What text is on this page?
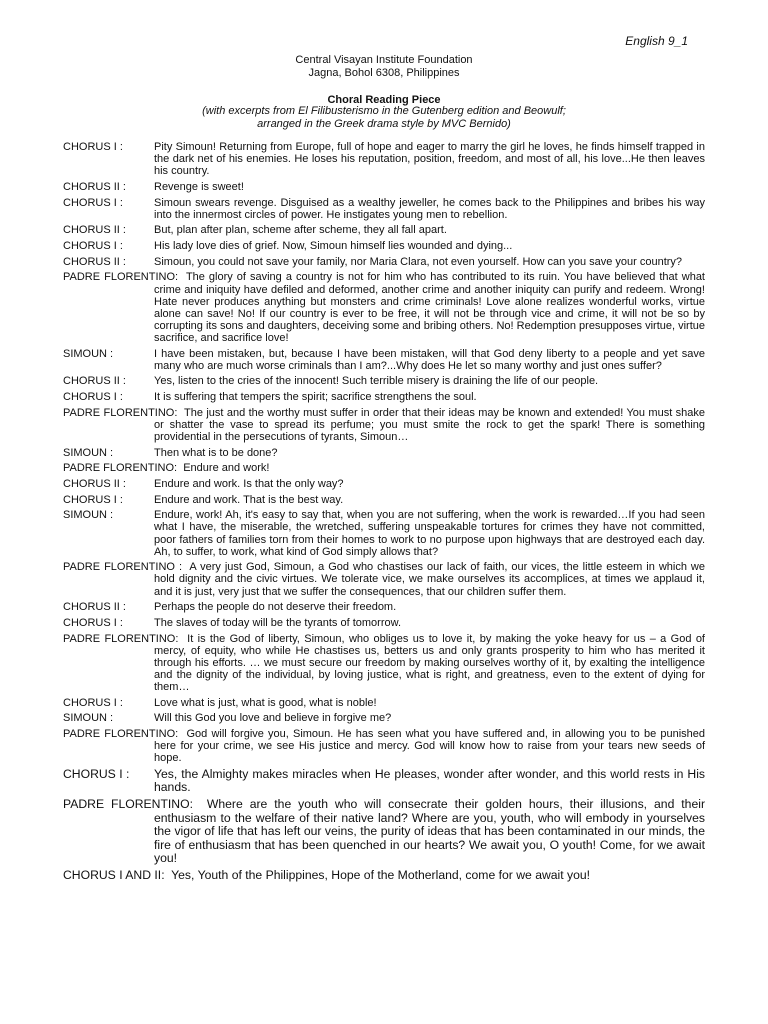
English 9_1
Central Visayan Institute Foundation
Jagna, Bohol 6308, Philippines
Choral Reading Piece
(with excerpts from El Filibusterismo in the Gutenberg edition and Beowulf;
arranged in the Greek drama style by MVC Bernido)
CHORUS I :	Pity Simoun! Returning from Europe, full of hope and eager to marry the girl he loves, he finds himself trapped in the dark net of his enemies. He loses his reputation, position, freedom, and most of all, his love...He then leaves his country.
CHORUS II :	Revenge is sweet!
CHORUS I :	Simoun swears revenge. Disguised as a wealthy jeweller, he comes back to the Philippines and bribes his way into the innermost circles of power. He instigates young men to rebellion.
CHORUS II :	But, plan after plan, scheme after scheme, they all fall apart.
CHORUS I :	His lady love dies of grief. Now, Simoun himself lies wounded and dying...
CHORUS II :	Simoun, you could not save your family, nor Maria Clara, not even yourself. How can you save your country?
PADRE FLORENTINO: The glory of saving a country is not for him who has contributed to its ruin. You have believed that what crime and iniquity have defiled and deformed, another crime and another iniquity can purify and redeem. Wrong! Hate never produces anything but monsters and crime criminals! Love alone realizes wonderful works, virtue alone can save! No! If our country is ever to be free, it will not be through vice and crime, it will not be so by corrupting its sons and daughters, deceiving some and bribing others. No! Redemption presupposes virtue, virtue sacrifice, and sacrifice love!
SIMOUN :	I have been mistaken, but, because I have been mistaken, will that God deny liberty to a people and yet save many who are much worse criminals than I am?...Why does He let so many worthy and just ones suffer?
CHORUS II :	Yes, listen to the cries of the innocent! Such terrible misery is draining the life of our people.
CHORUS I :	It is suffering that tempers the spirit; sacrifice strengthens the soul.
PADRE FLORENTINO: The just and the worthy must suffer in order that their ideas may be known and extended! You must shake or shatter the vase to spread its perfume; you must smite the rock to get the spark! There is something providential in the persecutions of tyrants, Simoun…
SIMOUN :	Then what is to be done?
PADRE FLORENTINO: Endure and work!
CHORUS II :	Endure and work. Is that the only way?
CHORUS I :	Endure and work. That is the best way.
SIMOUN :	Endure, work! Ah, it's easy to say that, when you are not suffering, when the work is rewarded…If you had seen what I have, the miserable, the wretched, suffering unspeakable tortures for crimes they have not committed, poor fathers of families torn from their homes to work to no purpose upon highways that are destroyed each day. Ah, to suffer, to work, what kind of God simply allows that?
PADRE FLORENTINO : A very just God, Simoun, a God who chastises our lack of faith, our vices, the little esteem in which we hold dignity and the civic virtues. We tolerate vice, we make ourselves its accomplices, at times we applaud it, and it is just, very just that we suffer the consequences, that our children suffer them.
CHORUS II :	Perhaps the people do not deserve their freedom.
CHORUS I :	The slaves of today will be the tyrants of tomorrow.
PADRE FLORENTINO: It is the God of liberty, Simoun, who obliges us to love it, by making the yoke heavy for us – a God of mercy, of equity, who while He chastises us, betters us and only grants prosperity to him who has merited it through his efforts. … we must secure our freedom by making ourselves worthy of it, by exalting the intelligence and the dignity of the individual, by loving justice, what is right, and greatness, even to the extent of dying for them…
CHORUS I :	Love what is just, what is good, what is noble!
SIMOUN :	Will this God you love and believe in forgive me?
PADRE FLORENTINO: God will forgive you, Simoun. He has seen what you have suffered and, in allowing you to be punished here for your crime, we see His justice and mercy. God will know how to raise from your tears new seeds of hope.
CHORUS I : Yes, the Almighty makes miracles when He pleases, wonder after wonder, and this world rests in His hands.
PADRE FLORENTINO: Where are the youth who will consecrate their golden hours, their illusions, and their enthusiasm to the welfare of their native land? Where are you, youth, who will embody in yourselves the vigor of life that has left our veins, the purity of ideas that has been contaminated in our minds, the fire of enthusiasm that has been quenched in our hearts? We await you, O youth! Come, for we await you!
CHORUS I AND II: Yes, Youth of the Philippines, Hope of the Motherland, come for we await you!
